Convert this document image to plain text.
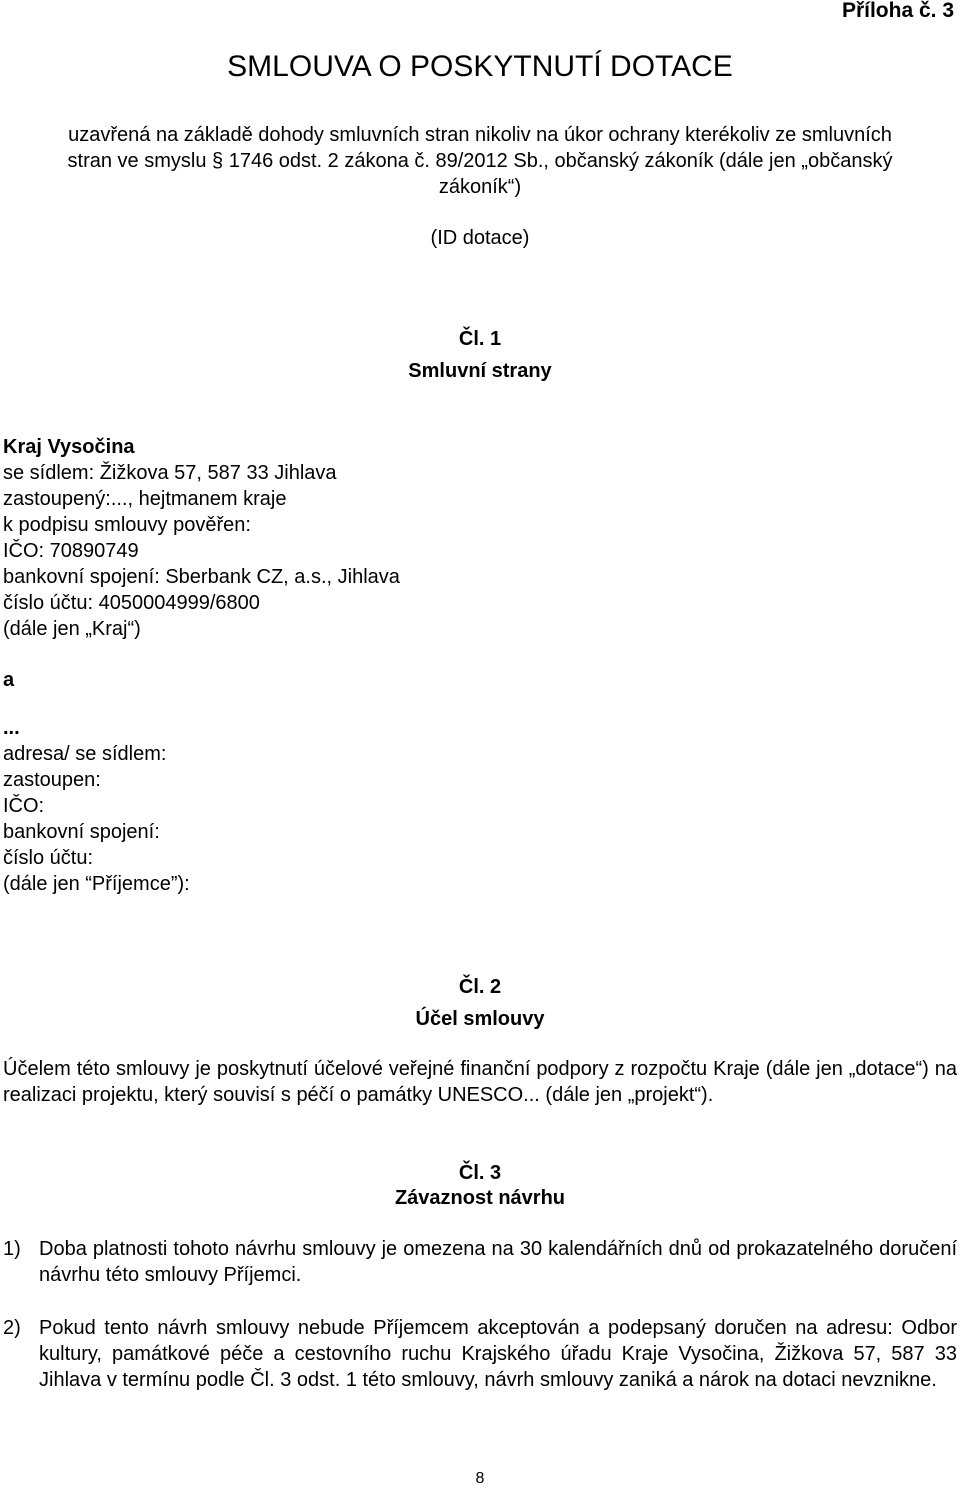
Příloha č. 3
SMLOUVA O POSKYTNUTÍ DOTACE
uzavřená na základě dohody smluvních stran nikoliv na úkor ochrany kterékoliv ze smluvních
stran ve smyslu § 1746 odst. 2 zákona č. 89/2012 Sb., občanský zákoník (dále jen „občanský
zákoník“)
(ID dotace)
Čl. 1
Smluvní strany
Kraj Vysočina
se sídlem: Žižkova 57, 587 33 Jihlava
zastoupený:..., hejtmanem kraje
k podpisu smlouvy pověřen:
IČO: 70890749
bankovní spojení: Sberbank CZ, a.s., Jihlava
číslo účtu: 4050004999/6800
(dále jen „Kraj“)
a
...
adresa/ se sídlem:
zastoupen:
IČO:
bankovní spojení:
číslo účtu:
(dále jen “Příjemce”):
Čl. 2
Účel smlouvy
Účelem této smlouvy je poskytnutí účelové veřejné finanční podpory z rozpočtu Kraje (dále jen „dotace“) na realizaci projektu, který souvisí s péčí o památky UNESCO... (dále jen „projekt“).
Čl. 3
Závaznost návrhu
1) Doba platnosti tohoto návrhu smlouvy je omezena na 30 kalendářních dnů od prokazatelného doručení návrhu této smlouvy Příjemci.
2) Pokud tento návrh smlouvy nebude Příjemcem akceptován a podepsaný doručen na adresu: Odbor kultury, památkové péče a cestovního ruchu Krajského úřadu Kraje Vysočina, Žižkova 57, 587 33 Jihlava v termínu podle Čl. 3 odst. 1 této smlouvy, návrh smlouvy zaniká a nárok na dotaci nevznikne.
8
